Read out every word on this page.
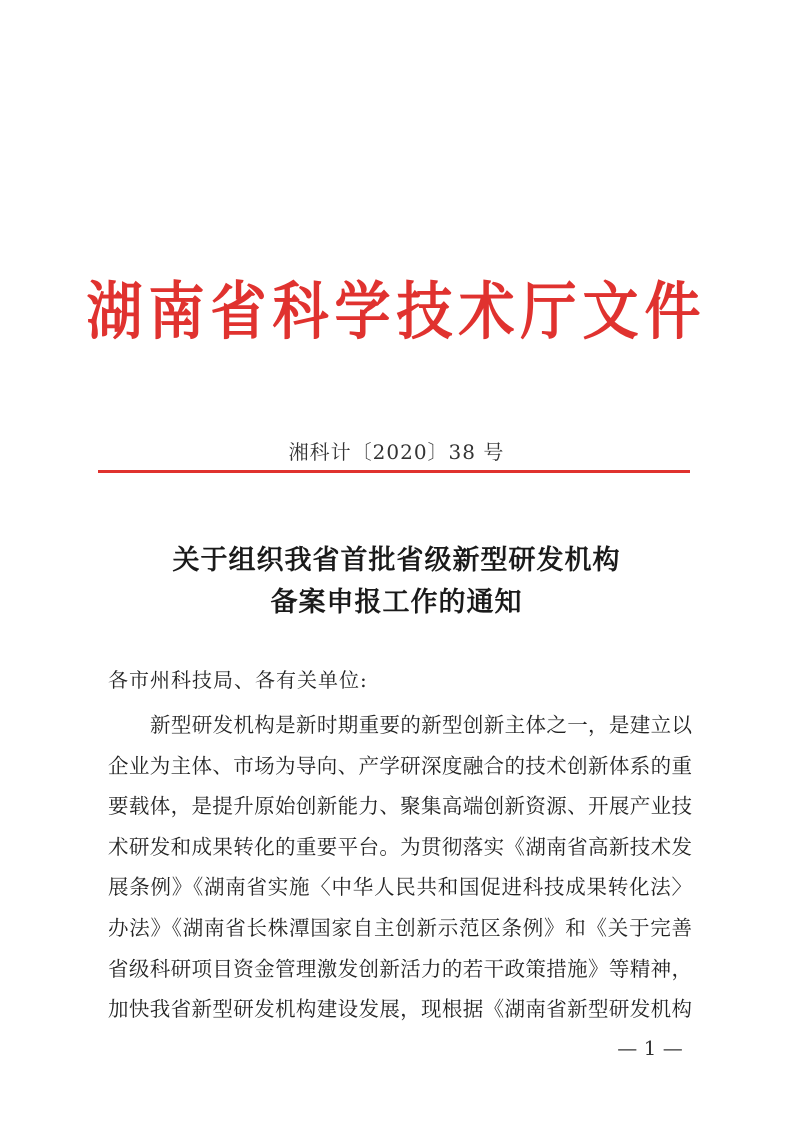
湖南省科学技术厅文件
湘科计〔2020〕38 号
关于组织我省首批省级新型研发机构
备案申报工作的通知
各市州科技局、各有关单位:
新型研发机构是新时期重要的新型创新主体之一，是建立以
企业为主体、市场为导向、产学研深度融合的技术创新体系的重
要载体，是提升原始创新能力、聚集高端创新资源、开展产业技
术研发和成果转化的重要平台。为贯彻落实《湖南省高新技术发
展条例》《湖南省实施〈中华人民共和国促进科技成果转化法〉
办法》《湖南省长株潭国家自主创新示范区条例》和《关于完善
省级科研项目资金管理激发创新活力的若干政策措施》等精神，
加快我省新型研发机构建设发展，现根据《湖南省新型研发机构
— 1 —
